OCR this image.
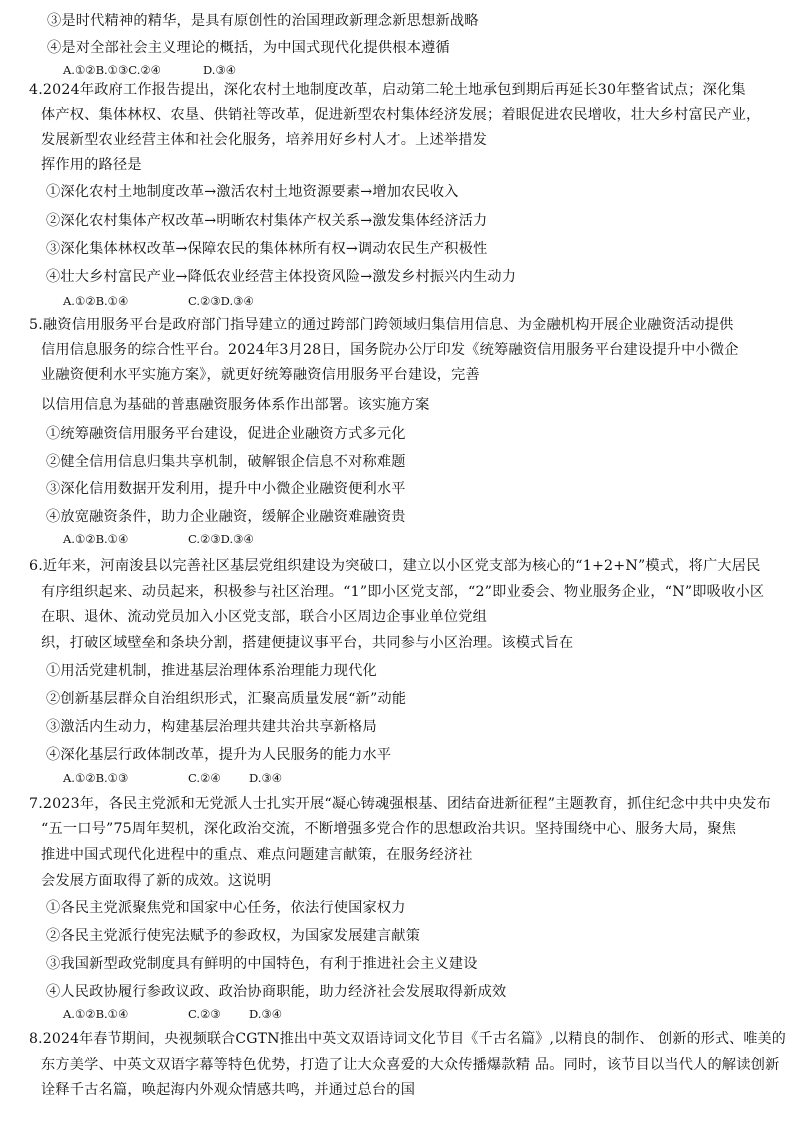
③是时代精神的精华，是具有原创性的治国理政新理念新思想新战略
④是对全部社会主义理论的概括，为中国式现代化提供根本遵循
A.①②B.①③C.②④	D.③④
4.2024年政府工作报告提出，深化农村土地制度改革，启动第二轮土地承包到期后再延长30年整省试点；深化集
体产权、集体林权、农垦、供销社等改革，促进新型农村集体经济发展；着眼促进农民增收，壮大乡村富民产业，
发展新型农业经营主体和社会化服务，培养用好乡村人才。上述举措发
挥作用的路径是
①深化农村土地制度改革→激活农村土地资源要素→增加农民收入
②深化农村集体产权改革→明晰农村集体产权关系→激发集体经济活力
③深化集体林权改革→保障农民的集体林所有权→调动农民生产积极性
④壮大乡村富民产业→降低农业经营主体投资风险→激发乡村振兴内生动力
A.①②B.①④	C.②③D.③④
5.融资信用服务平台是政府部门指导建立的通过跨部门跨领域归集信用信息、为金融机构开展企业融资活动提供
信用信息服务的综合性平台。2024年3月28日，国务院办公厅印发《统筹融资信用服务平台建设提升中小微企
业融资便利水平实施方案》，就更好统筹融资信用服务平台建设，完善
以信用信息为基础的普惠融资服务体系作出部署。该实施方案
①统筹融资信用服务平台建设，促进企业融资方式多元化
②健全信用信息归集共享机制，破解银企信息不对称难题
③深化信用数据开发利用，提升中小微企业融资便利水平
④放宽融资条件，助力企业融资，缓解企业融资难融资贵
A.①②B.①④	C.②③D.③④
6.近年来，河南浚县以完善社区基层党组织建设为突破口，建立以小区党支部为核心的“1+2+N”模式，将广大居民
有序组织起来、动员起来，积极参与社区治理。“1”即小区党支部，“2”即业委会、物业服务企业，“N”即吸收小区
在职、退休、流动党员加入小区党支部，联合小区周边企事业单位党组
织，打破区域壁垒和条块分割，搭建便捷议事平台，共同参与小区治理。该模式旨在
①用活党建机制，推进基层治理体系治理能力现代化
②创新基层群众自治组织形式，汇聚高质量发展“新”动能
③激活内生动力，构建基层治理共建共治共享新格局
④深化基层行政体制改革，提升为人民服务的能力水平
A.①②B.①③	C.②④ D.③④
7.2023年，各民主党派和无党派人士扎实开展“凝心铸魂强根基、团结奋进新征程”主题教育，抓住纪念中共中央发布
“五一口号”75周年契机，深化政治交流，不断增强多党合作的思想政治共识。坚持围绕中心、服务大局，聚焦
推进中国式现代化进程中的重点、难点问题建言献策，在服务经济社
会发展方面取得了新的成效。这说明
①各民主党派聚焦党和国家中心任务，依法行使国家权力
②各民主党派行使宪法赋予的参政权，为国家发展建言献策
③我国新型政党制度具有鲜明的中国特色，有利于推进社会主义建设
④人民政协履行参政议政、政治协商职能，助力经济社会发展取得新成效
A.①②B.①④	C.②③ D.③④
8.2024年春节期间，央视频联合CGTN推出中英文双语诗词文化节目《千古名篇》,以精良的制作、 创新的形式、唯美的
东方美学、中英文双语字幕等特色优势，打造了让大众喜爱的大众传播爆款精 品。同时，该节目以当代人的解读创新
诠释千古名篇，唤起海内外观众情感共鸣，并通过总台的国
